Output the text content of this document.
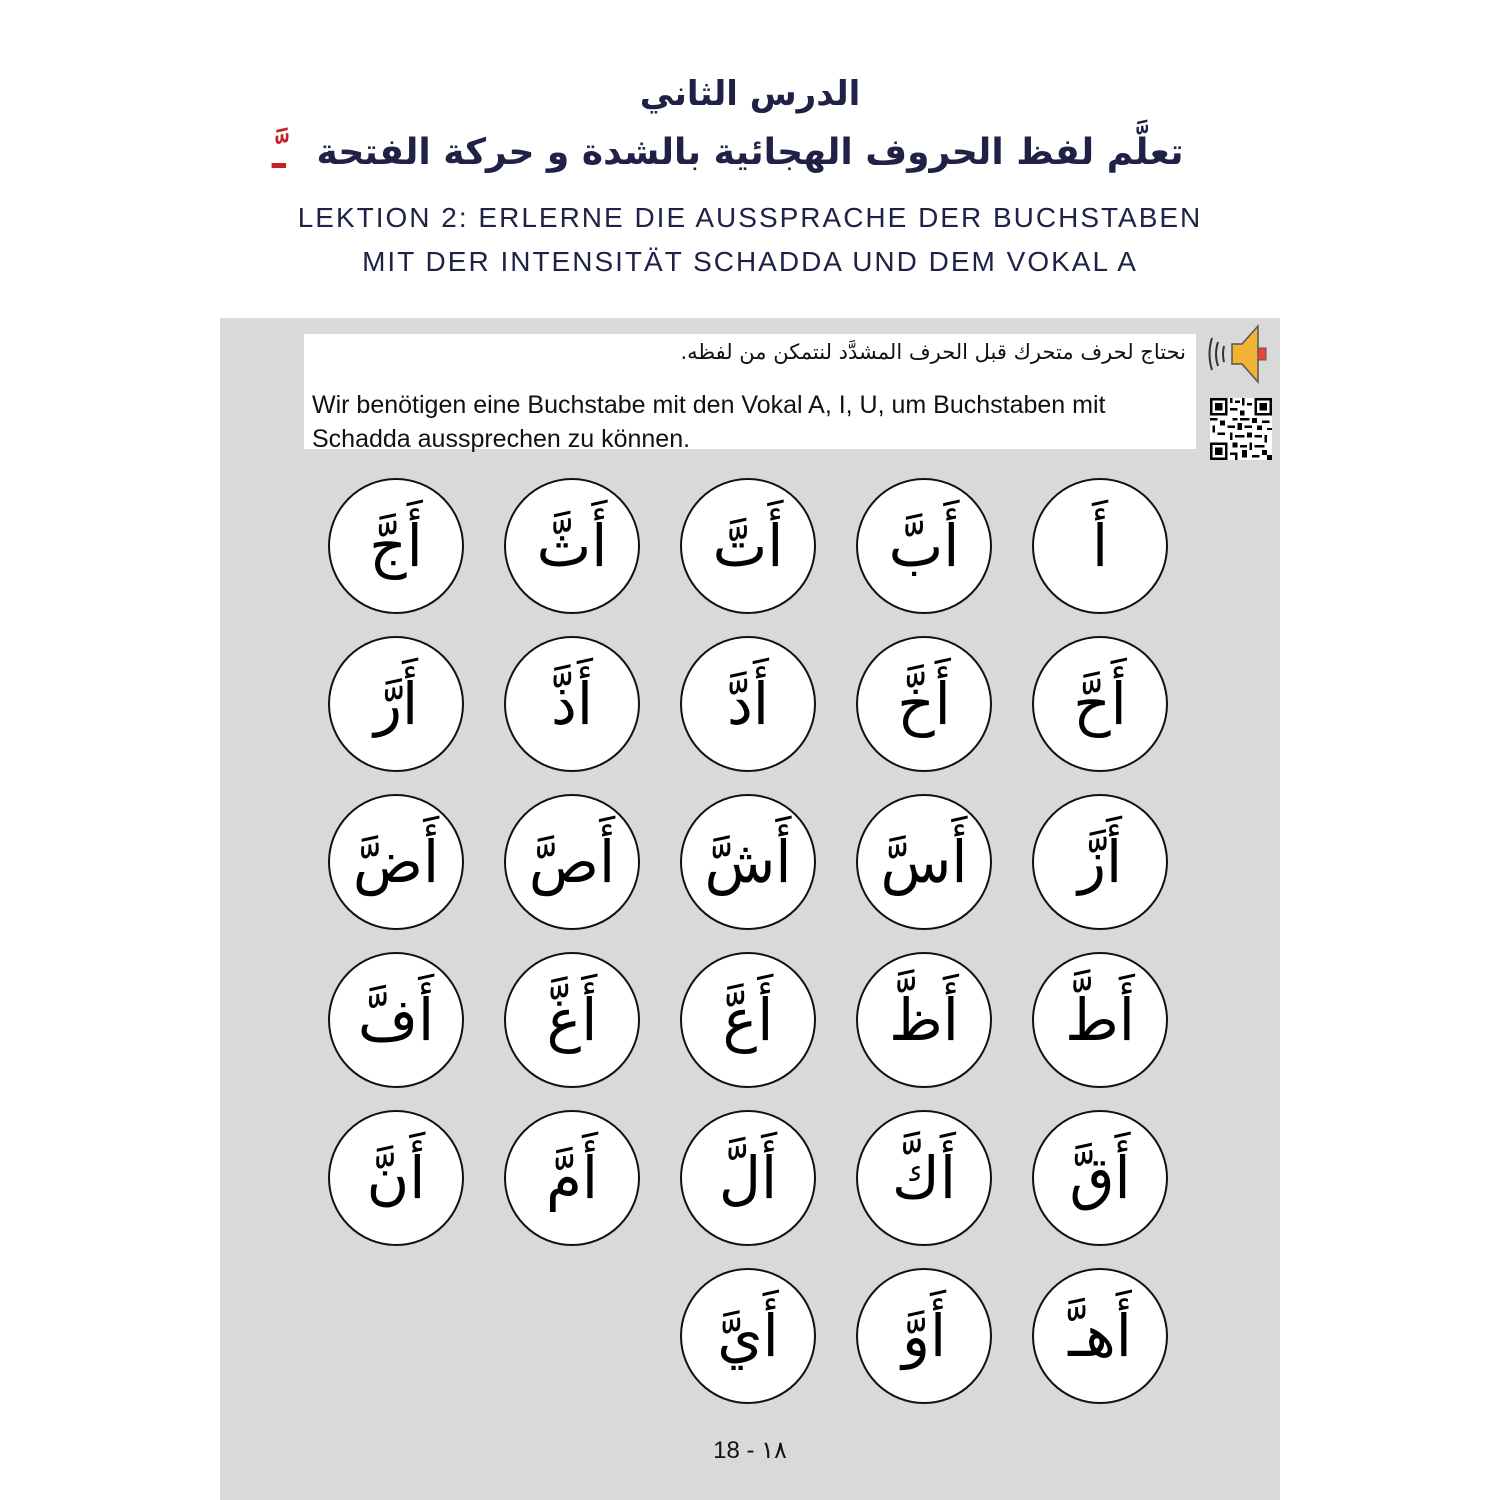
الدرس الثاني
تعلَّم لفظ الحروف الهجائية بالشدة و حركة الفتحة
ـَّ
LEKTION 2: ERLERNE DIE AUSSPRACHE DER BUCHSTABEN
MIT DER INTENSITÄT SCHADDA UND DEM VOKAL A
نحتاج لحرف متحرك قبل الحرف المشدَّد لنتمكن من لفظه.
Wir benötigen eine Buchstabe mit den Vokal A, I, U, um Buchstaben mit Schadda aussprechen zu können.
أَ
أَب
أَت
أَث
أَج
أَح
أَخ
أَد
أَذ
أَر
أَز
أَس
أَش
أَص
أَض
أَط
أَظ
أَع
أَغ
أَف
أَق
أَك
أَل
أَم
أَن
أَهـ
أَو
أَي
18 - ١٨
